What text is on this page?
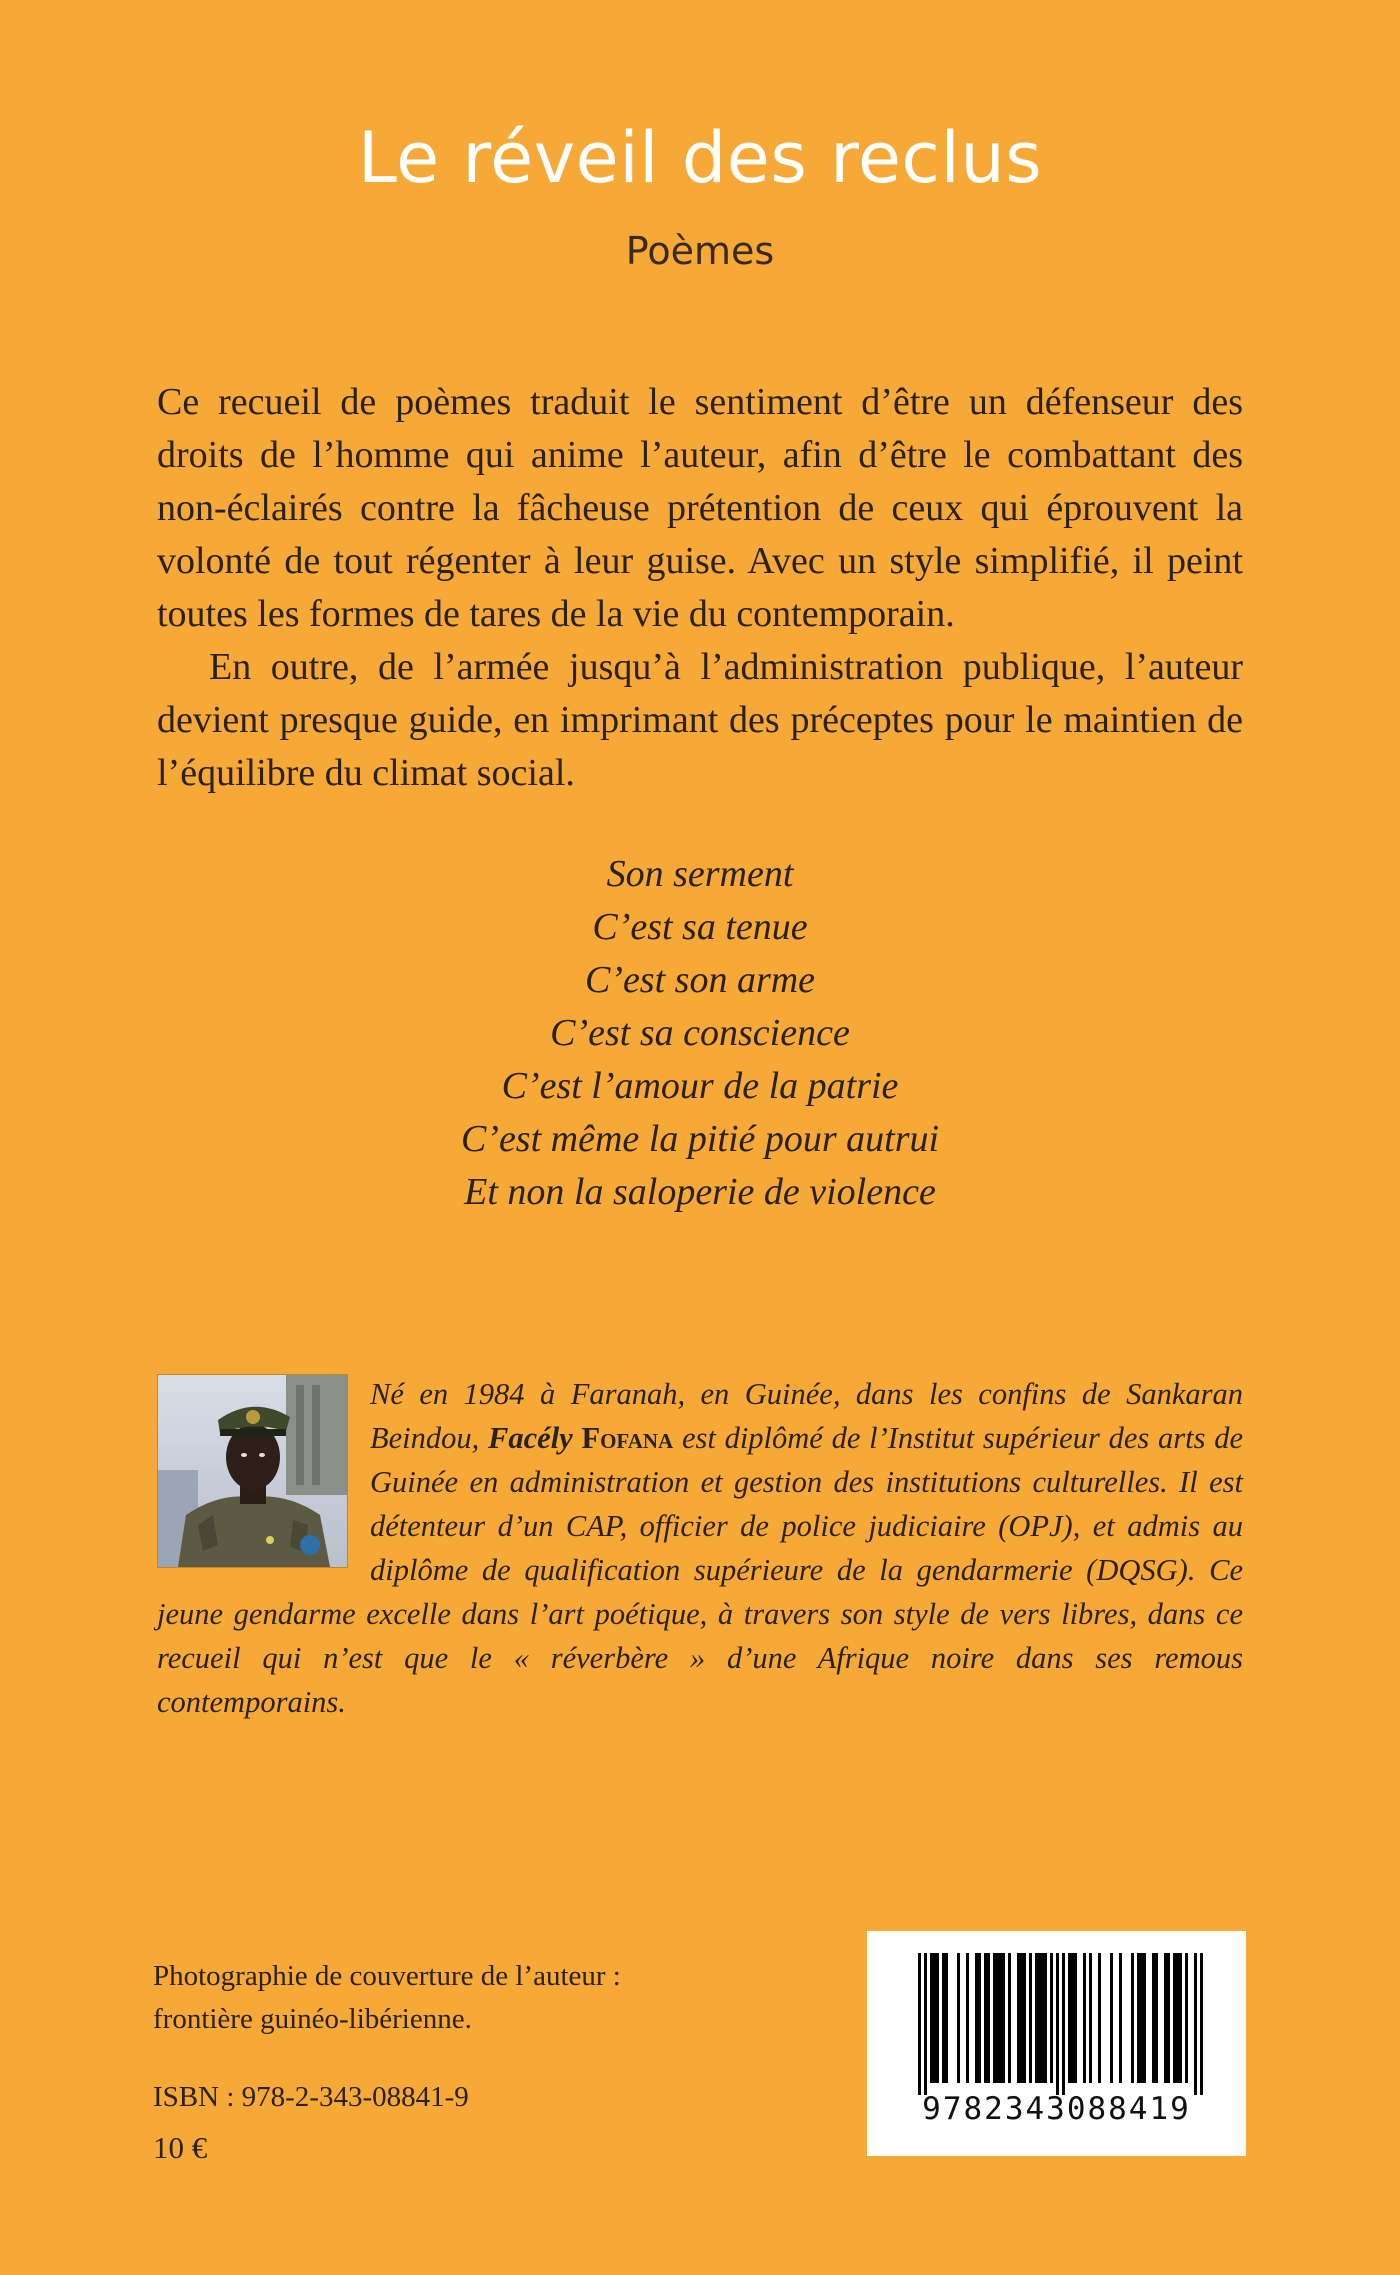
Le réveil des reclus
Poèmes

Ce recueil de poèmes traduit le sentiment d’être un défenseur des droits de l’homme qui anime l’auteur, afin d’être le combattant des non-éclairés contre la fâcheuse prétention de ceux qui éprouvent la volonté de tout régenter à leur guise. Avec un style simplifié, il peint toutes les formes de tares de la vie du contemporain.

En outre, de l’armée jusqu’à l’administration publique, l’auteur devient presque guide, en imprimant des préceptes pour le maintien de l’équilibre du climat social.

Son serment
C’est sa tenue
C’est son arme
C’est sa conscience
C’est l’amour de la patrie
C’est même la pitié pour autrui
Et non la saloperie de violence

Né en 1984 à Faranah, en Guinée, dans les confins de Sankaran Beindou, Facély Fofana est diplômé de l’Institut supérieur des arts de Guinée en administration et gestion des institutions culturelles. Il est détenteur d’un CAP, officier de police judiciaire (OPJ), et admis au diplôme de qualification supérieure de la gendarmerie (DQSG). Ce jeune gendarme excelle dans l’art poétique, à travers son style de vers libres, dans ce recueil qui n’est que le « réverbère » d’une Afrique noire dans ses remous contemporains.

Photographie de couverture de l’auteur :
frontière guinéo-libérienne.
ISBN : 978-2-343-08841-9
10 €
9782343088419
